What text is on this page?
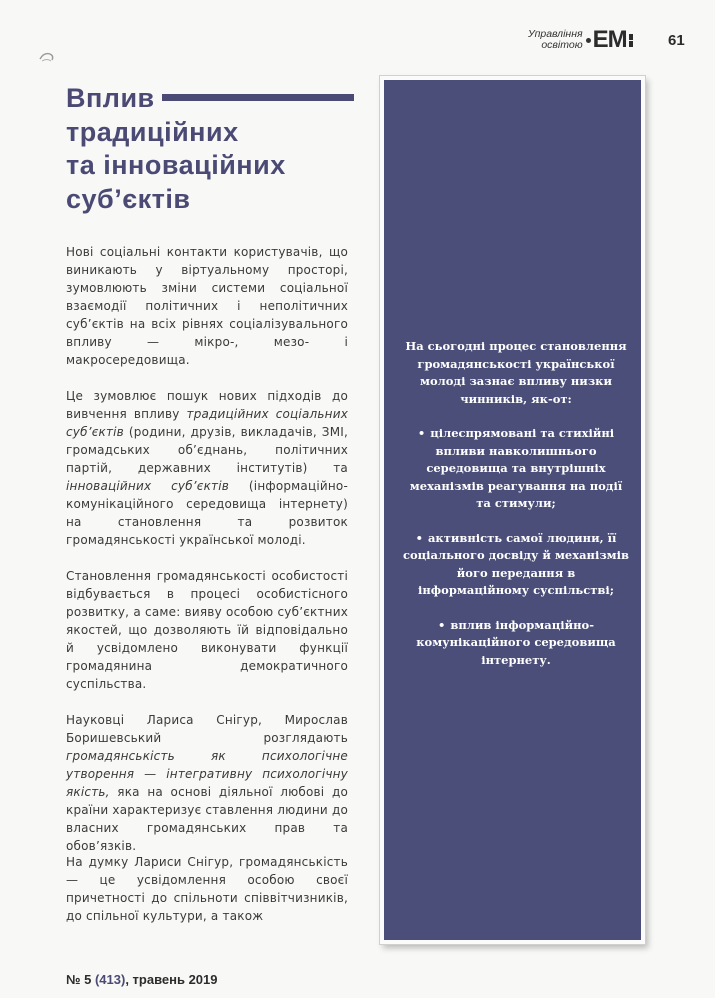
Управління
освітою EM	61
Вплив
традиційних
та інноваційних
суб’єктів

Нові соціальні контакти користувачів, що виникають у віртуальному просторі, зумовлюють зміни системи соціальної взаємодії політичних і неполітичних суб’єктів на всіх рівнях соціалізувального впливу — мікро-, мезо- і макросередовища.

Це зумовлює пошук нових підходів до вивчення впливу традиційних соціальних суб’єктів (родини, друзів, викладачів, ЗМІ, громадських об’єднань, політичних партій, державних інститутів) та інноваційних суб’єктів (інформаційно-комунікаційного середовища інтернету) на становлення та розвиток громадянськості української молоді.

Становлення громадянськості особистості відбувається в процесі особистісного розвитку, а саме: вияву особою суб’єктних якостей, що дозволяють їй відповідально й усвідомлено виконувати функції громадянина демократичного суспільства.

Науковці Лариса Снігур, Мирослав Боришевський розглядають громадянськість як психологічне утворення — інтегративну психологічну якість, яка на основі діяльної любові до країни характеризує ставлення людини до власних громадянських прав та обов’язків.

На думку Лариси Снігур, громадянськість — це усвідомлення особою своєї причетності до спільноти співвітчизників, до спільної культури, а також

На сьогодні процес становлення громадянськості української молоді зазнає впливу низки чинників, як-от:
• цілеспрямовані та стихійні впливи навколишнього середовища та внутрішніх механізмів реагування на події та стимули;
• активність самої людини, її соціального досвіду й механізмів його передання в інформаційному суспільстві;
• вплив інформаційно-комунікаційного середовища інтернету.
№ 5 (413), травень 2019
